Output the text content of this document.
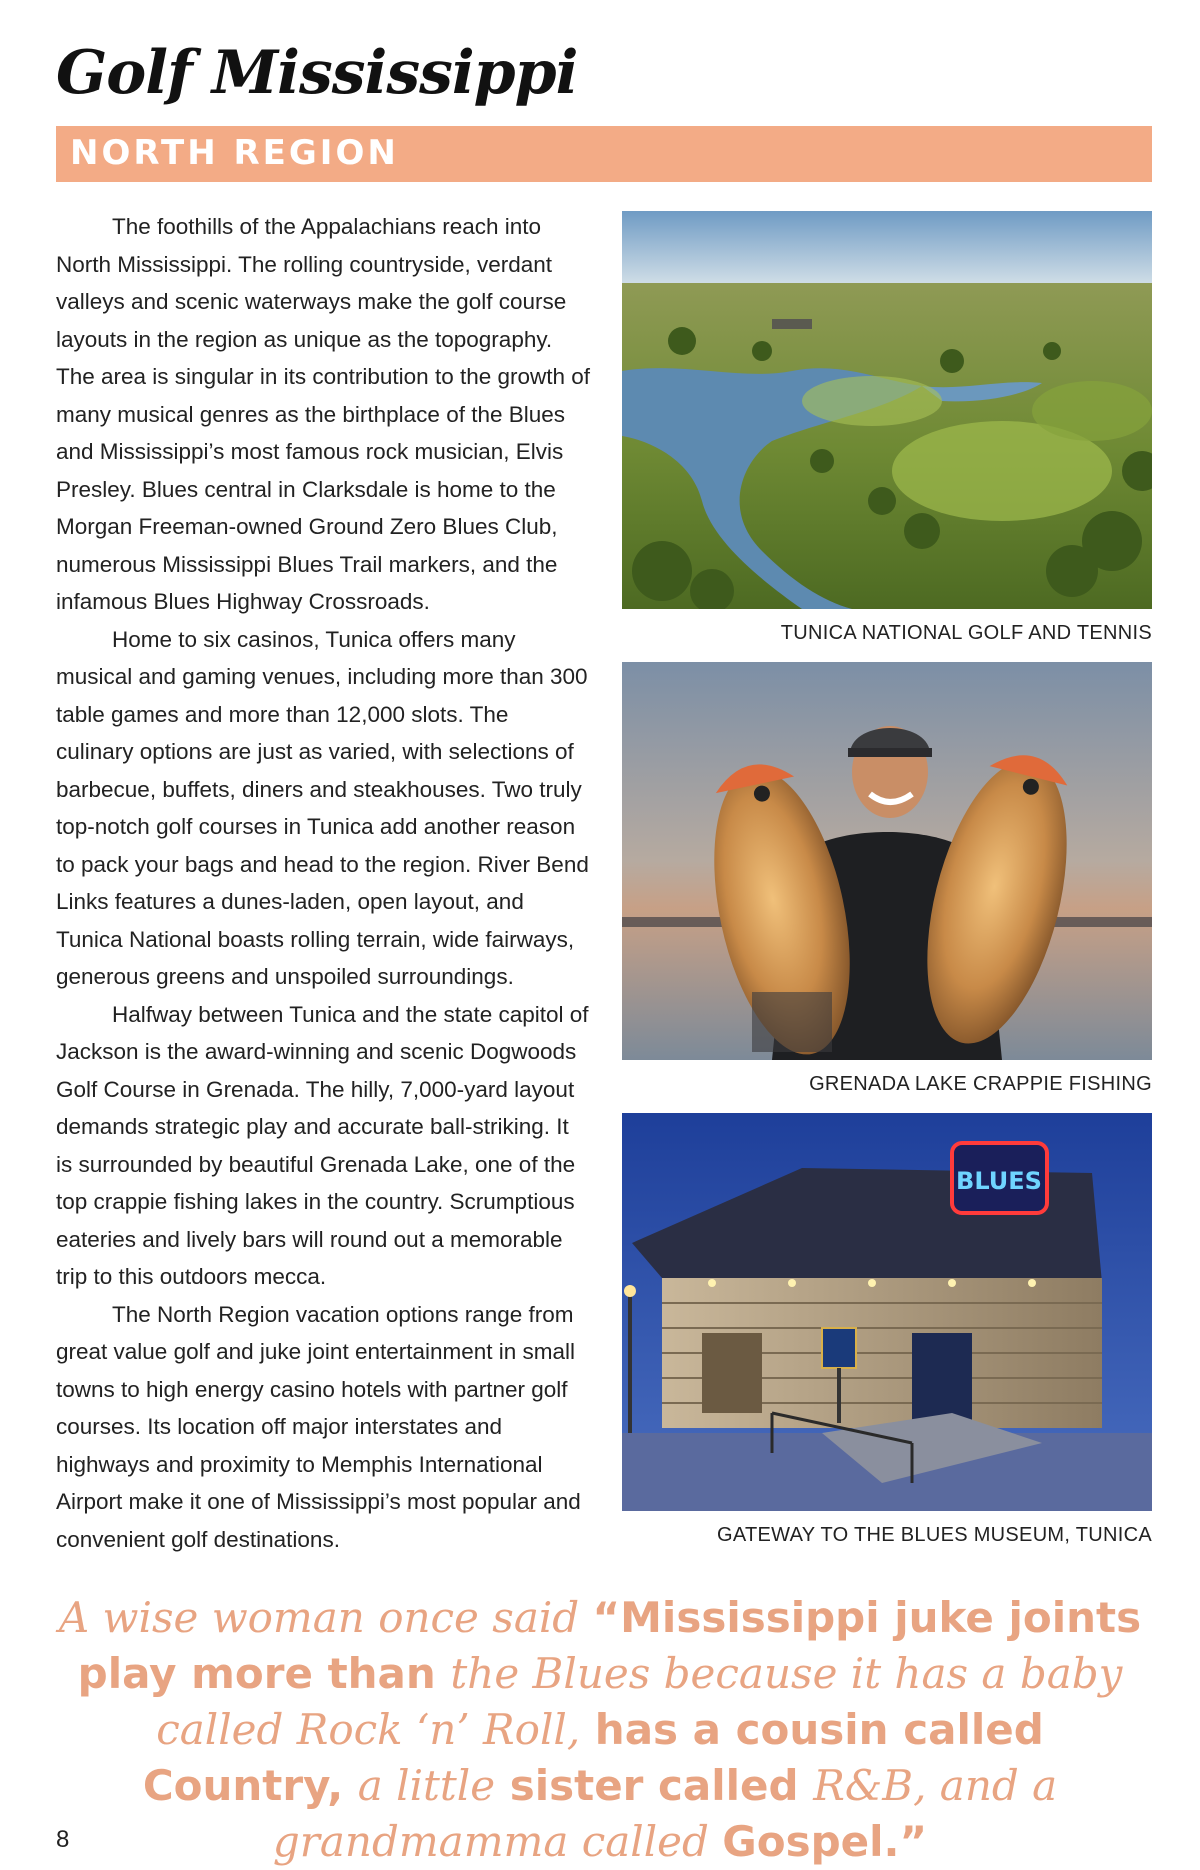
Golf Mississippi
NORTH REGION

The foothills of the Appalachians reach into North Mississippi. The rolling countryside, verdant valleys and scenic waterways make the golf course layouts in the region as unique as the topography. The area is singular in its contribution to the growth of many musical genres as the birthplace of the Blues and Mississippi’s most famous rock musician, Elvis Presley. Blues central in Clarksdale is home to the Morgan Freeman-owned Ground Zero Blues Club, numerous Mississippi Blues Trail markers, and the infamous Blues Highway Crossroads.

Home to six casinos, Tunica offers many musical and gaming venues, including more than 300 table games and more than 12,000 slots. The culinary options are just as varied, with selections of barbecue, buffets, diners and steakhouses. Two truly top-notch golf courses in Tunica add another reason to pack your bags and head to the region. River Bend Links features a dunes-laden, open layout, and Tunica National boasts rolling terrain, wide fairways, generous greens and unspoiled surroundings.

Halfway between Tunica and the state capitol of Jackson is the award-winning and scenic Dogwoods Golf Course in Grenada. The hilly, 7,000-yard layout demands strategic play and accurate ball-striking. It is surrounded by beautiful Grenada Lake, one of the top crappie fishing lakes in the country. Scrumptious eateries and lively bars will round out a memorable trip to this outdoors mecca.

The North Region vacation options range from great value golf and juke joint entertainment in small towns to high energy casino hotels with partner golf courses. Its location off major interstates and highways and proximity to Memphis International Airport make it one of Mississippi’s most popular and convenient golf destinations.

TUNICA NATIONAL GOLF AND TENNIS
GRENADA LAKE CRAPPIE FISHING
BLUES
GATEWAY TO THE BLUES MUSEUM, TUNICA
A wise woman once said “Mississippi juke joints play more than the Blues because it has a baby called Rock ‘n’ Roll, has a cousin called Country, a little sister called R&B, and a grandmamma called Gospel.”
8
